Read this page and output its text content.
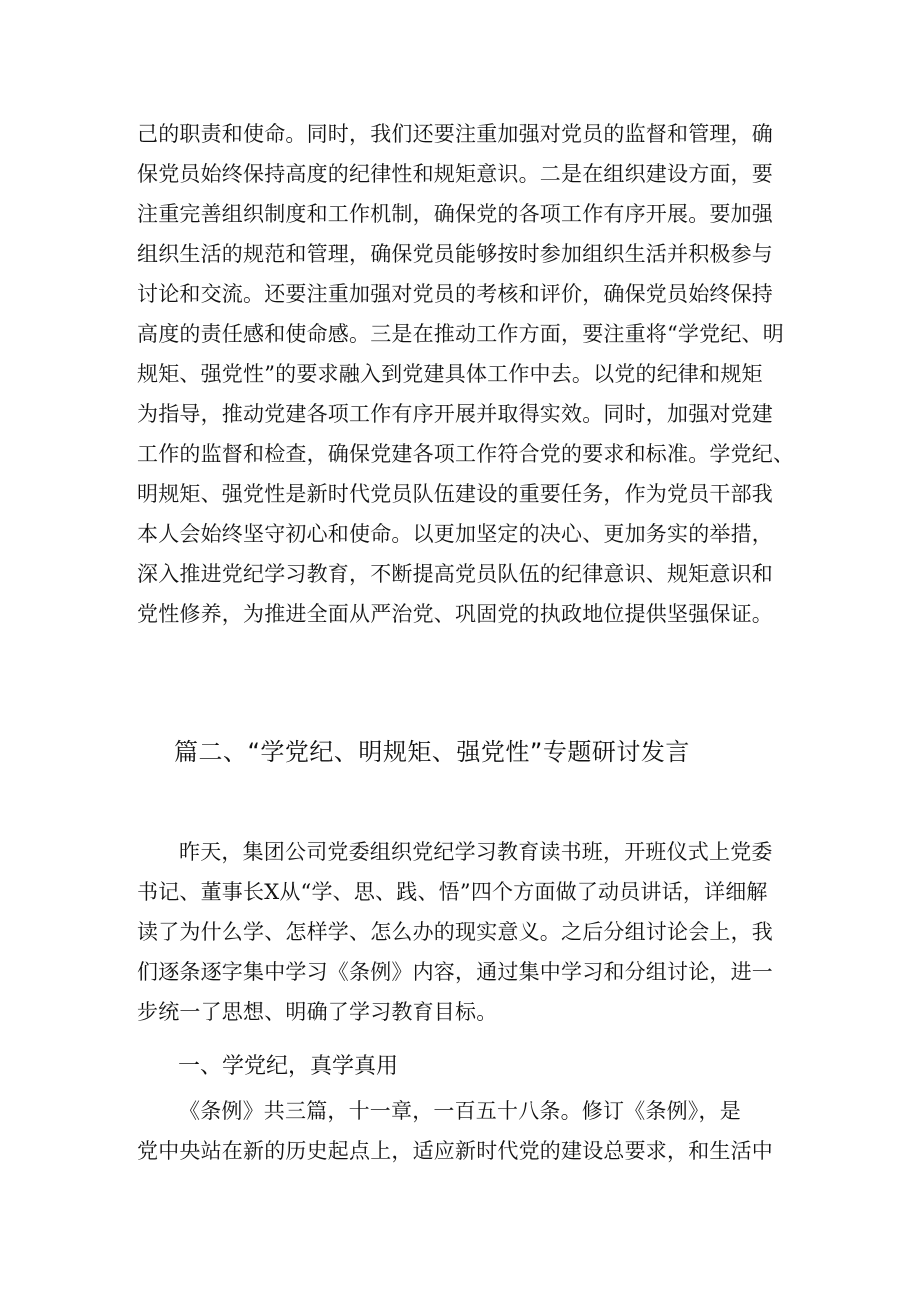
己的职责和使命。同时，我们还要注重加强对党员的监督和管理，确
保党员始终保持高度的纪律性和规矩意识。二是在组织建设方面，要
注重完善组织制度和工作机制，确保党的各项工作有序开展。要加强
组织生活的规范和管理，确保党员能够按时参加组织生活并积极参与
讨论和交流。还要注重加强对党员的考核和评价，确保党员始终保持
高度的责任感和使命感。三是在推动工作方面，要注重将“学党纪、明
规矩、强党性”的要求融入到党建具体工作中去。以党的纪律和规矩
为指导，推动党建各项工作有序开展并取得实效。同时，加强对党建
工作的监督和检查，确保党建各项工作符合党的要求和标准。学党纪、
明规矩、强党性是新时代党员队伍建设的重要任务，作为党员干部我
本人会始终坚守初心和使命。以更加坚定的决心、更加务实的举措，
深入推进党纪学习教育，不断提高党员队伍的纪律意识、规矩意识和
党性修养，为推进全面从严治党、巩固党的执政地位提供坚强保证。
篇二、“学党纪、明规矩、强党性”专题研讨发言
昨天，集团公司党委组织党纪学习教育读书班，开班仪式上党委
书记、董事长X从“学、思、践、悟”四个方面做了动员讲话，详细解
读了为什么学、怎样学、怎么办的现实意义。之后分组讨论会上，我
们逐条逐字集中学习《条例》内容，通过集中学习和分组讨论，进一
步统一了思想、明确了学习教育目标。
一、学党纪，真学真用
《条例》共三篇，十一章，一百五十八条。修订《条例》，是
党中央站在新的历史起点上，适应新时代党的建设总要求，和生活中
